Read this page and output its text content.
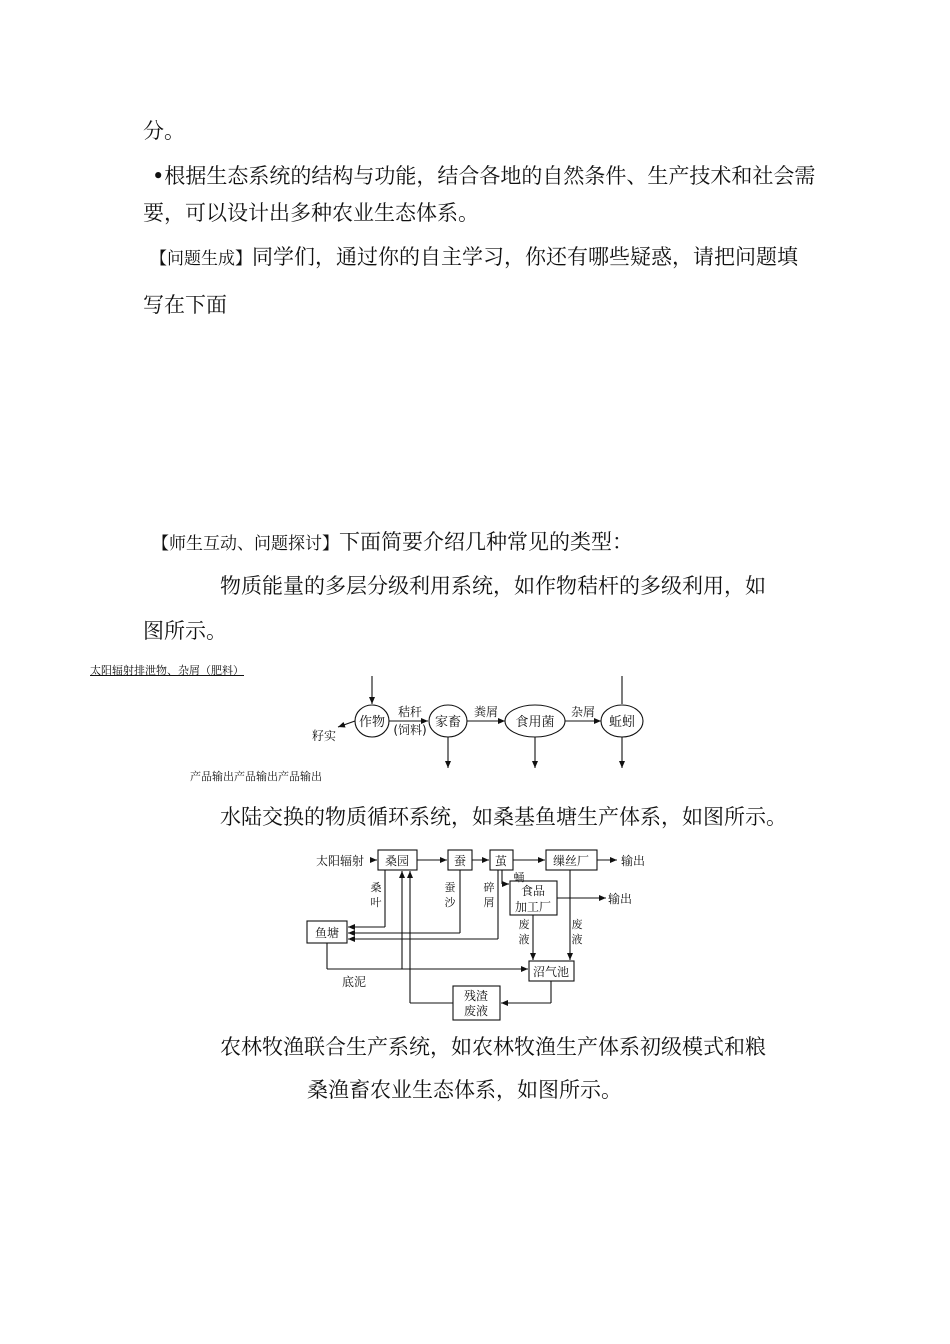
分。
•根据生态系统的结构与功能，结合各地的自然条件、生产技术和社会需
要，可以设计出多种农业生态体系。
【问题生成】同学们，通过你的自主学习，你还有哪些疑惑，请把问题填
写在下面
【师生互动、问题探讨】下面简要介绍几种常见的类型：
物质能量的多层分级利用系统，如作物秸杆的多级利用，如
图所示。
太阳辐射排泄物、杂屑（肥料）
产品输出产品输出产品输出
作物	家畜	食用菌	蚯蚓
秸秆
(饲料)
粪屑	杂屑
籽实
水陆交换的物质循环系统，如桑基鱼塘生产体系，如图所示。
太阳辐射 桑园	蚕 茧	缫丝厂	输出
食品
加工厂
输出
蛹
鱼塘
沼气池
残渣
废液
桑
叶
蚕
沙
碎
屑
废
液
废
液
底泥
农林牧渔联合生产系统，如农林牧渔生产体系初级模式和粮
桑渔畜农业生态体系，如图所示。
